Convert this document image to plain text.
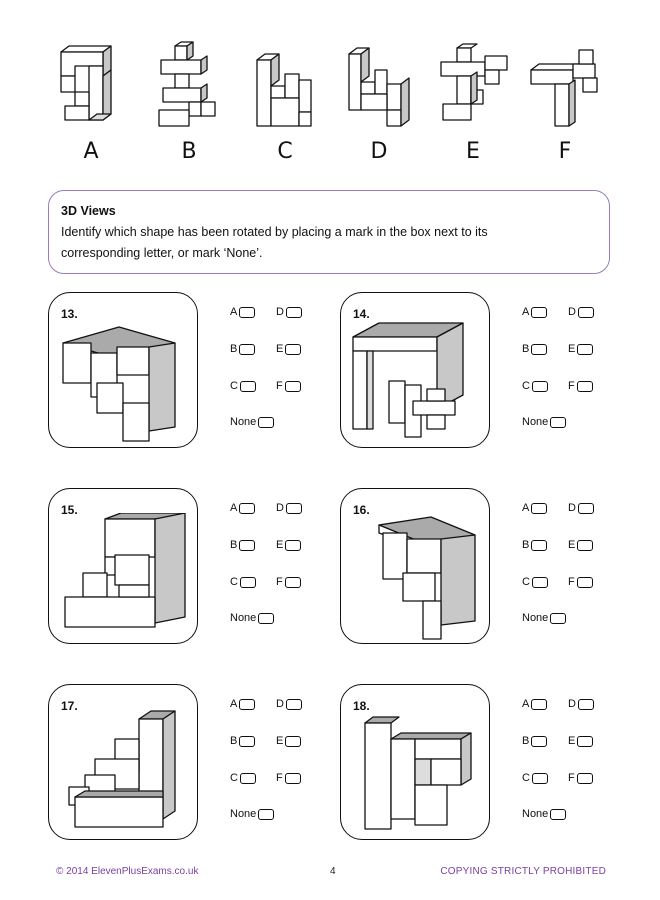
A	B	C	D	E	F
3D Views
Identify which shape has been rotated by placing a mark in the box next to its
corresponding letter, or mark ‘None’.
13.	A	D
B	E
C	F
None
14.	A	D
B	E
C	F
None
15.	A	D
B	E
C	F
None
16.	A	D
B	E
C	F
None
17.	A	D
B	E
C	F
None
18.	A	D
B	E
C	F
None
© 2014 ElevenPlusExams.co.uk	4	COPYING STRICTLY PROHIBITED
